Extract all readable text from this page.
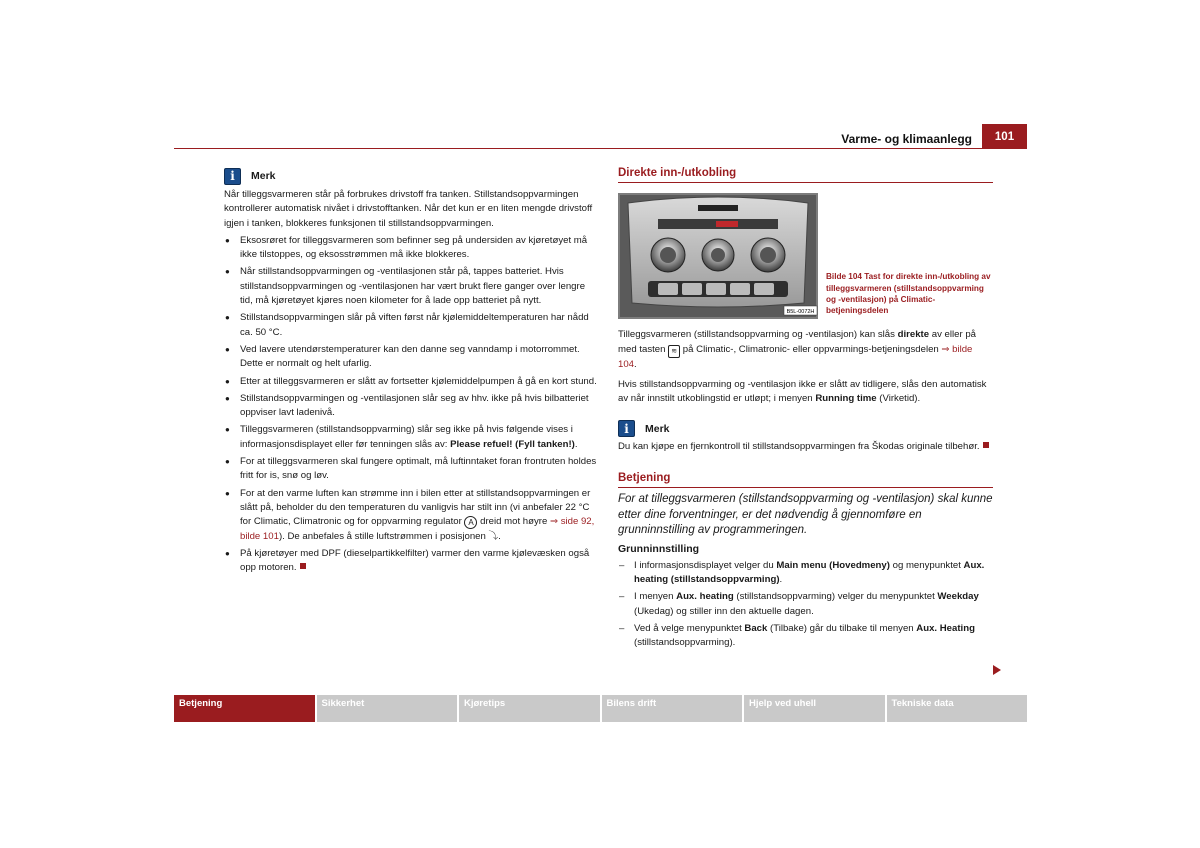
Varme- og klimaanlegg	101
i	Merk

Når tilleggsvarmeren står på forbrukes drivstoff fra tanken. Stillstandsoppvarmingen kontrollerer automatisk nivået i drivstofftanken. Når det kun er en liten mengde drivstoff igjen i tanken, blokkeres funksjonen til stillstandsoppvarmingen.

● Eksosrøret for tilleggsvarmeren som befinner seg på undersiden av kjøretøyet må ikke tilstoppes, og eksosstrømmen må ikke blokkeres.

● Når stillstandsoppvarmingen og -ventilasjonen står på, tappes batteriet. Hvis stillstandsoppvarmingen og -ventilasjonen har vært brukt flere ganger over lengre tid, må kjøretøyet kjøres noen kilometer for å lade opp batteriet på nytt.

● Stillstandsoppvarmingen slår på viften først når kjølemiddeltemperaturen har nådd ca. 50 °C.

● Ved lavere utendørstemperaturer kan den danne seg vanndamp i motorrommet. Dette er normalt og helt ufarlig.

● Etter at tilleggsvarmeren er slått av fortsetter kjølemiddelpumpen å gå en kort stund.

● Stillstandsoppvarmingen og -ventilasjonen slår seg av hhv. ikke på hvis bilbatteriet oppviser lavt ladenivå.

● Tilleggsvarmeren (stillstandsoppvarming) slår seg ikke på hvis følgende vises i informasjonsdisplayet eller før tenningen slås av: Please refuel! (Fyll tanken!).

● For at tilleggsvarmeren skal fungere optimalt, må luftinntaket foran frontruten holdes fritt for is, snø og løv.

● For at den varme luften kan strømme inn i bilen etter at stillstandsoppvarmingen er slått på, beholder du den temperaturen du vanligvis har stilt inn (vi anbefaler 22 °C for Climatic, Climatronic og for oppvarming regulator A dreid mot høyre ⇒ side 92, bilde 101). De anbefales å stille luftstrømmen i posisjonen ⤵.

● På kjøretøyer med DPF (dieselpartikkelfilter) varmer den varme kjølevæsken også opp motoren.

Direkte inn-/utkobling
B5L-0072H
Bilde 104 Tast for direkte inn-/utkobling av tilleggsvarmeren (stillstandsoppvarming og -ventilasjon) på Climatic-betjeningsdelen

Tilleggsvarmeren (stillstandsoppvarming og -ventilasjon) kan slås direkte av eller på med tasten ≋ på Climatic-, Climatronic- eller oppvarmings-betjeningsdelen ⇒ bilde 104.

Hvis stillstandsoppvarming og -ventilasjon ikke er slått av tidligere, slås den automatisk av når innstilt utkoblingstid er utløpt; i menyen Running time (Virketid).

i	Merk

Du kan kjøpe en fjernkontroll til stillstandsoppvarmingen fra Škodas originale tilbehør.

Betjening

For at tilleggsvarmeren (stillstandsoppvarming og -ventilasjon) skal kunne etter dine forventninger, er det nødvendig å gjennomføre en grunninnstilling av programmeringen.

Grunninnstilling

– I informasjonsdisplayet velger du Main menu (Hovedmeny) og menypunktet Aux. heating (stillstandsoppvarming).

– I menyen Aux. heating (stillstandsoppvarming) velger du menypunktet Weekday (Ukedag) og stiller inn den aktuelle dagen.

– Ved å velge menypunktet Back (Tilbake) går du tilbake til menyen Aux. Heating (stillstandsoppvarming).

Betjening	Sikkerhet	Kjøretips	Bilens drift	Hjelp ved uhell	Tekniske data
